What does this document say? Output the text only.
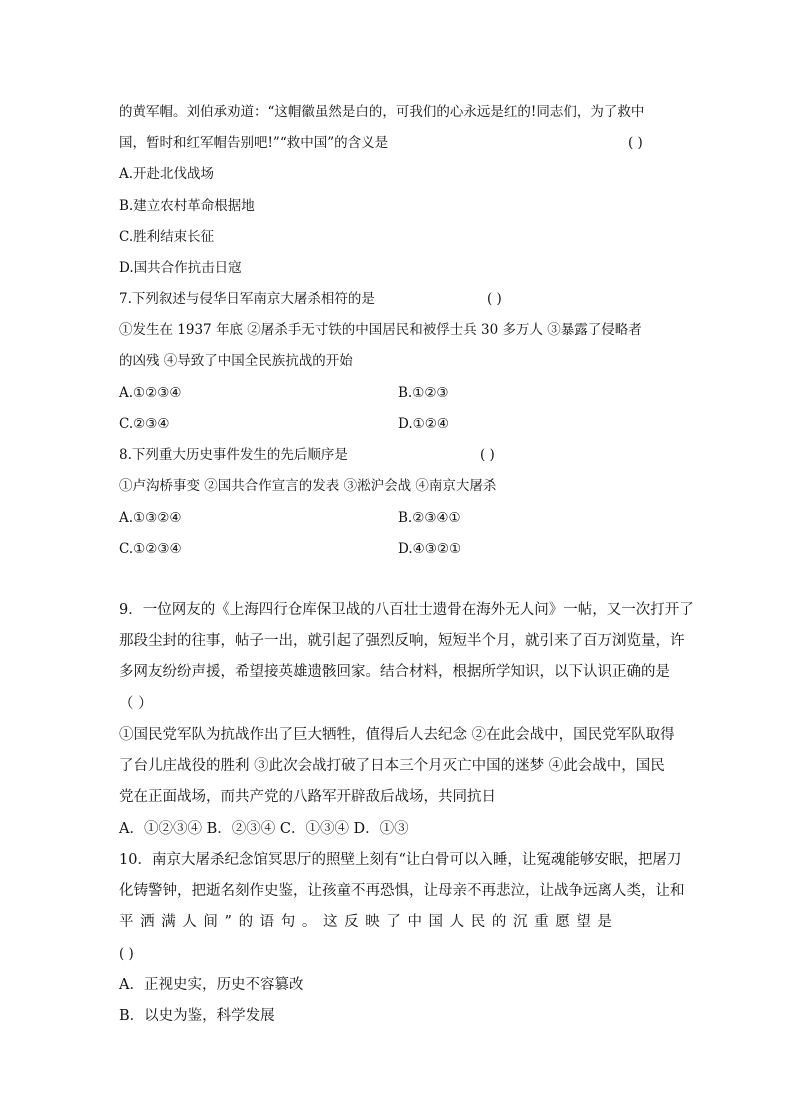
的黄军帽。刘伯承劝道：“这帽徽虽然是白的，可我们的心永远是红的!同志们，为了救中
国，暂时和红军帽告别吧!”“救中国”的含义是	( )
A.开赴北伐战场
B.建立农村革命根据地
C.胜利结束长征
D.国共合作抗击日寇
7.下列叙述与侵华日军南京大屠杀相符的是	( )
①发生在 1937 年底 ②屠杀手无寸铁的中国居民和被俘士兵 30 多万人 ③暴露了侵略者
的凶残 ④导致了中国全民族抗战的开始
A.①②③④	B.①②③
C.②③④	D.①②④
8.下列重大历史事件发生的先后顺序是	( )
①卢沟桥事变 ②国共合作宣言的发表 ③淞沪会战 ④南京大屠杀
A.①③②④	B.②③④①
C.①②③④	D.④③②①
9．一位网友的《上海四行仓库保卫战的八百壮士遗骨在海外无人问》一帖，又一次打开了
那段尘封的往事，帖子一出，就引起了强烈反响，短短半个月，就引来了百万浏览量，许
多网友纷纷声援，希望接英雄遗骸回家。结合材料，根据所学知识，以下认识正确的是
（ ）
①国民党军队为抗战作出了巨大牺牲，值得后人去纪念 ②在此会战中，国民党军队取得
了台儿庄战役的胜利 ③此次会战打破了日本三个月灭亡中国的迷梦 ④此会战中，国民
党在正面战场，而共产党的八路军开辟敌后战场，共同抗日
A．①②③④ B．②③④ C．①③④ D．①③
10．南京大屠杀纪念馆冥思厅的照壁上刻有“让白骨可以入睡，让冤魂能够安眠，把屠刀
化铸警钟，把逝名刻作史鉴，让孩童不再恐惧，让母亲不再悲泣，让战争远离人类，让和
平 洒 满 人 间 ” 的 语 句 。 这 反 映 了 中 国 人 民 的 沉 重 愿 望 是
( )
A．正视史实，历史不容篡改
B．以史为鉴，科学发展
